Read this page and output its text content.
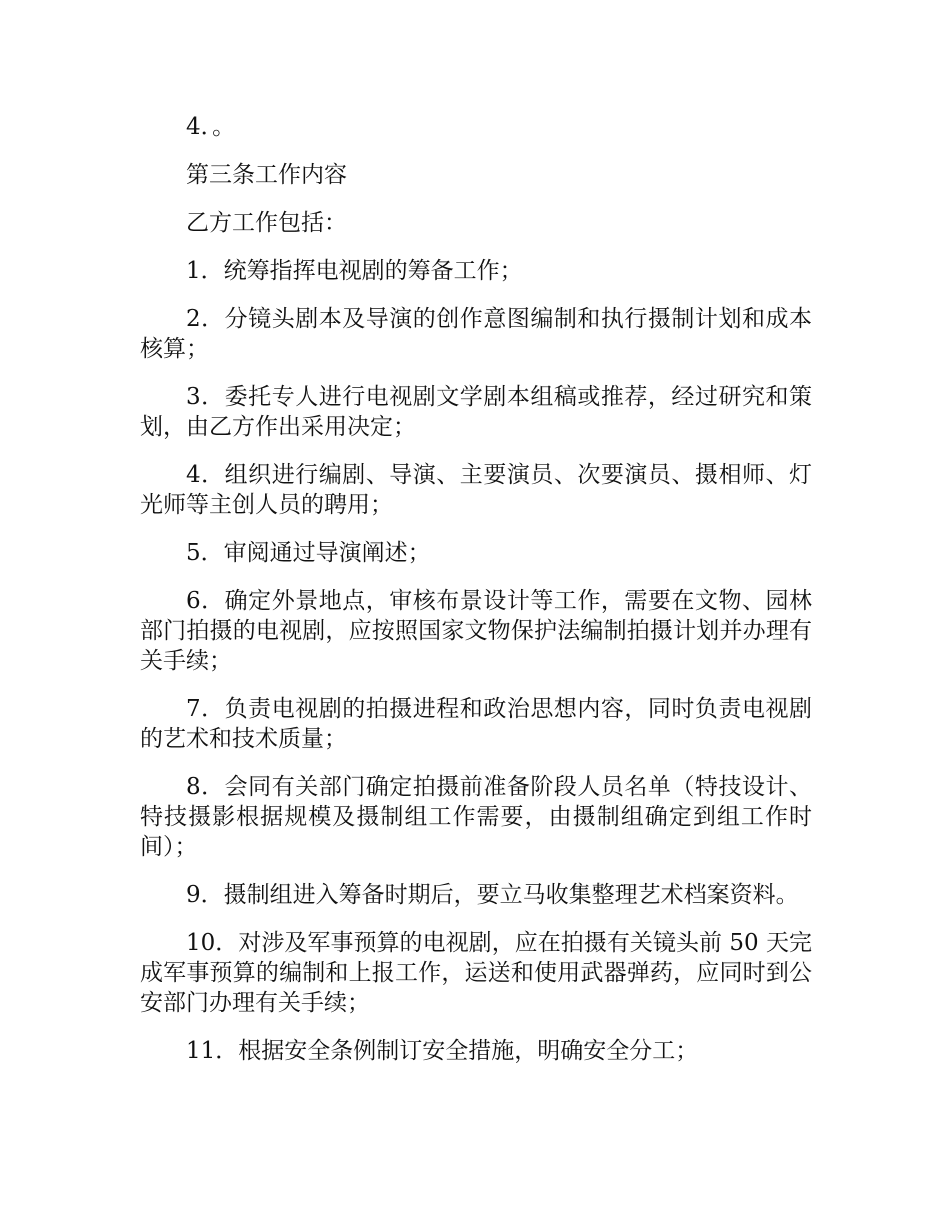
4．。

第三条工作内容

乙方工作包括：

1．统筹指挥电视剧的筹备工作；

2．分镜头剧本及导演的创作意图编制和执行摄制计划和成本核算；

3．委托专人进行电视剧文学剧本组稿或推荐，经过研究和策划，由乙方作出采用决定；

4．组织进行编剧、导演、主要演员、次要演员、摄相师、灯光师等主创人员的聘用；

5．审阅通过导演阐述；

6．确定外景地点，审核布景设计等工作，需要在文物、园林部门拍摄的电视剧，应按照国家文物保护法编制拍摄计划并办理有关手续；

7．负责电视剧的拍摄进程和政治思想内容，同时负责电视剧的艺术和技术质量；

8．会同有关部门确定拍摄前准备阶段人员名单（特技设计、特技摄影根据规模及摄制组工作需要，由摄制组确定到组工作时间）；

9．摄制组进入筹备时期后，要立马收集整理艺术档案资料。

10．对涉及军事预算的电视剧，应在拍摄有关镜头前 50 天完成军事预算的编制和上报工作，运送和使用武器弹药，应同时到公安部门办理有关手续；

11．根据安全条例制订安全措施，明确安全分工；
